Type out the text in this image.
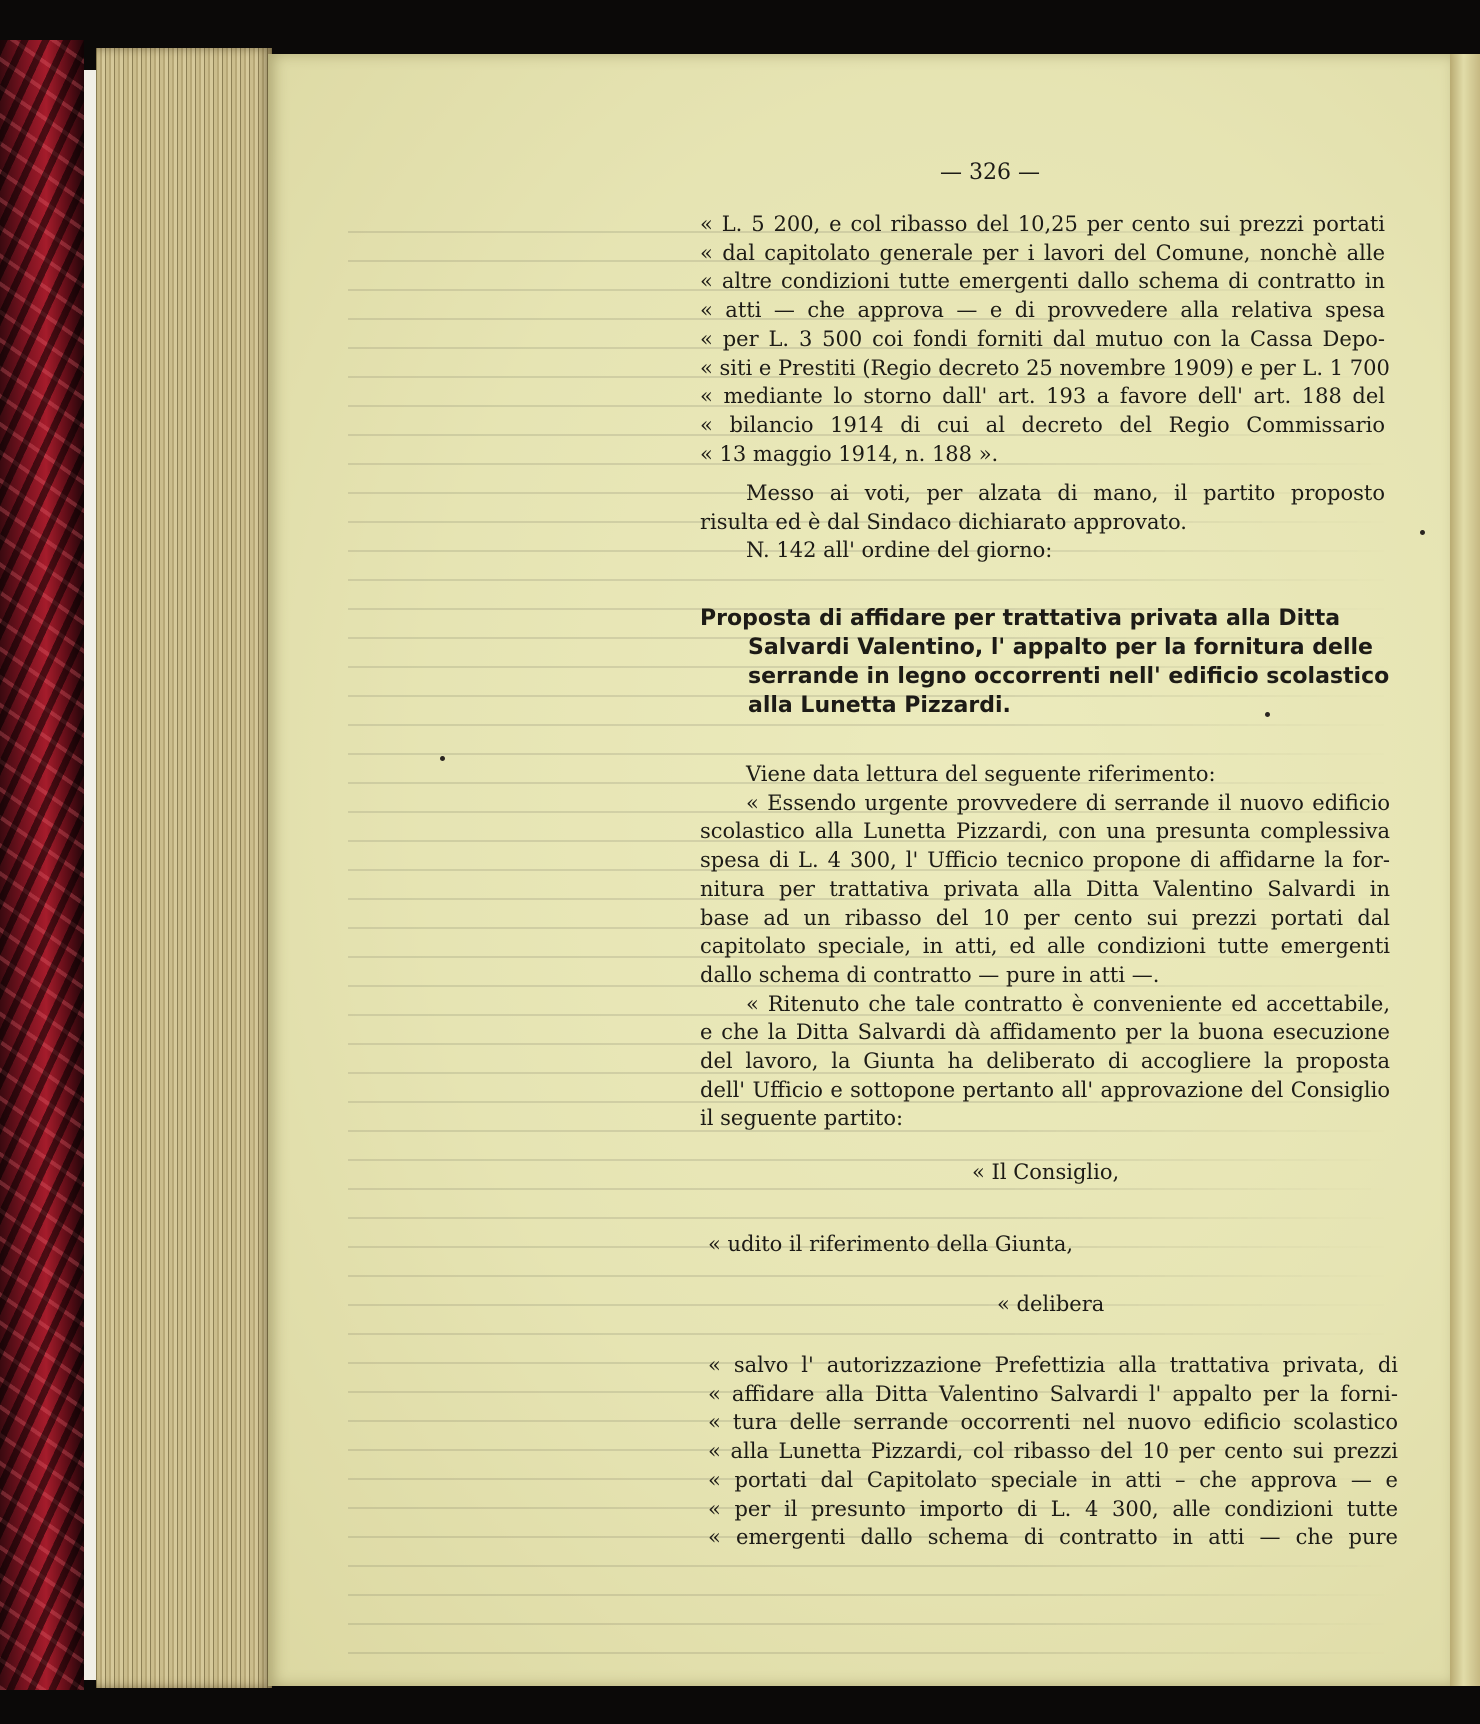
— 326 —
« L. 5 200, e col ribasso del 10,25 per cento sui prezzi portati
« dal capitolato generale per i lavori del Comune, nonchè alle
« altre condizioni tutte emergenti dallo schema di contratto in
« atti — che approva — e di provvedere alla relativa spesa
« per L. 3 500 coi fondi forniti dal mutuo con la Cassa Depo-
« siti e Prestiti (Regio decreto 25 novembre 1909) e per L. 1 700
« mediante lo storno dall' art. 193 a favore dell' art. 188 del
« bilancio 1914 di cui al decreto del Regio Commissario
« 13 maggio 1914, n. 188 ».
Messo ai voti, per alzata di mano, il partito proposto
risulta ed è dal Sindaco dichiarato approvato.
N. 142 all' ordine del giorno:
Proposta di affidare per trattativa privata alla Ditta
Salvardi Valentino, l' appalto per la fornitura delle
serrande in legno occorrenti nell' edificio scolastico
alla Lunetta Pizzardi.
Viene data lettura del seguente riferimento:
« Essendo urgente provvedere di serrande il nuovo edificio
scolastico alla Lunetta Pizzardi, con una presunta complessiva
spesa di L. 4 300, l' Ufficio tecnico propone di affidarne la for-
nitura per trattativa privata alla Ditta Valentino Salvardi in
base ad un ribasso del 10 per cento sui prezzi portati dal
capitolato speciale, in atti, ed alle condizioni tutte emergenti
dallo schema di contratto — pure in atti —.
« Ritenuto che tale contratto è conveniente ed accettabile,
e che la Ditta Salvardi dà affidamento per la buona esecuzione
del lavoro, la Giunta ha deliberato di accogliere la proposta
dell' Ufficio e sottopone pertanto all' approvazione del Consiglio
il seguente partito:
« Il Consiglio,
« udito il riferimento della Giunta,
« delibera
« salvo l' autorizzazione Prefettizia alla trattativa privata, di
« affidare alla Ditta Valentino Salvardi l' appalto per la forni-
« tura delle serrande occorrenti nel nuovo edificio scolastico
« alla Lunetta Pizzardi, col ribasso del 10 per cento sui prezzi
« portati dal Capitolato speciale in atti – che approva — e
« per il presunto importo di L. 4 300, alle condizioni tutte
« emergenti dallo schema di contratto in atti — che pure
